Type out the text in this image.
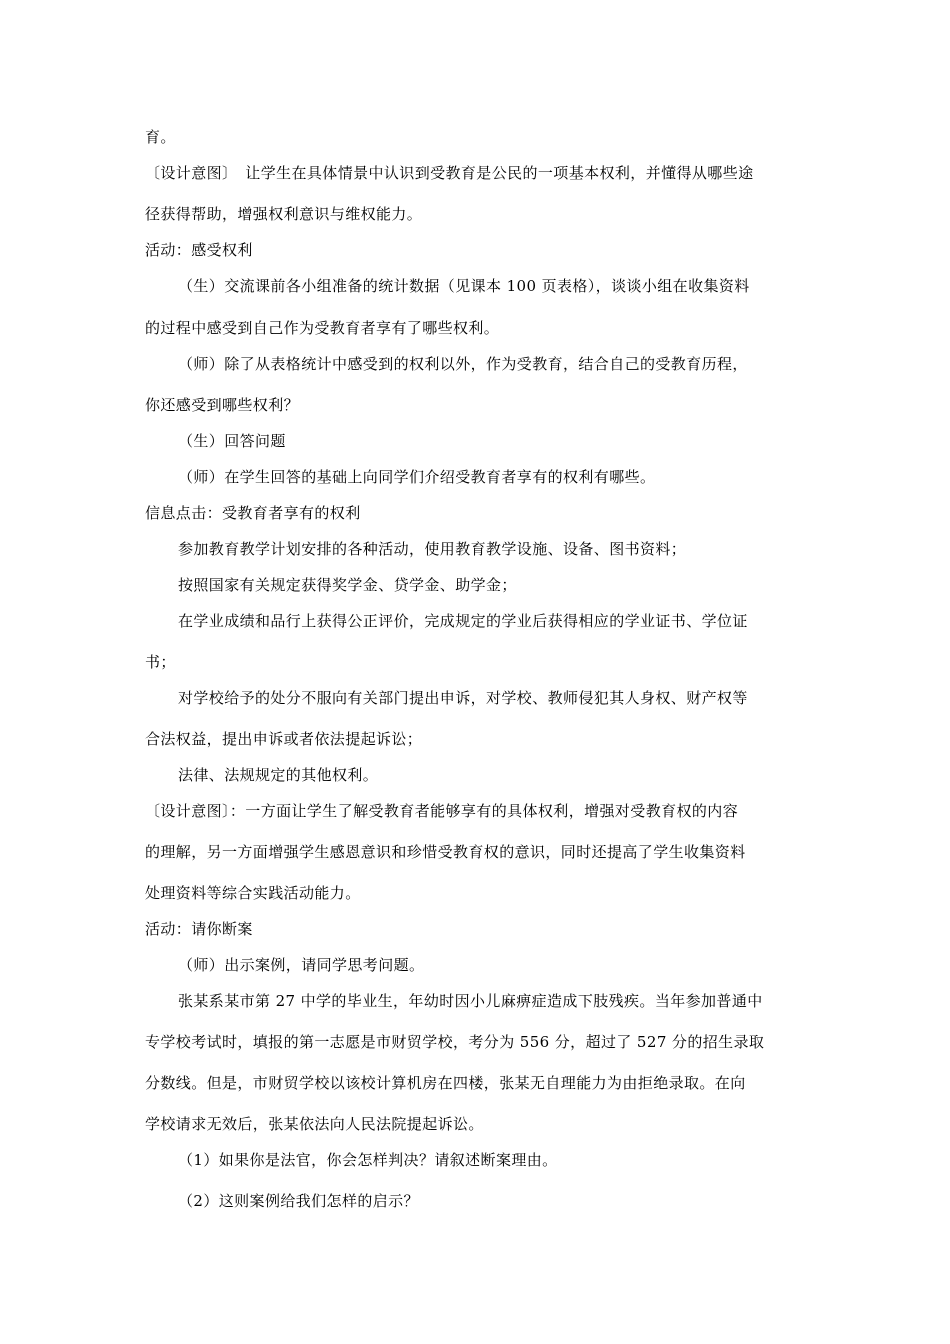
育。
〔设计意图〕　让学生在具体情景中认识到受教育是公民的一项基本权利，并懂得从哪些途
径获得帮助，增强权利意识与维权能力。
活动：感受权利
（生）交流课前各小组准备的统计数据（见课本 100 页表格），谈谈小组在收集资料
的过程中感受到自己作为受教育者享有了哪些权利。
（师）除了从表格统计中感受到的权利以外，作为受教育，结合自己的受教育历程，
你还感受到哪些权利？
（生）回答问题
（师）在学生回答的基础上向同学们介绍受教育者享有的权利有哪些。
信息点击：受教育者享有的权利
参加教育教学计划安排的各种活动，使用教育教学设施、设备、图书资料；
按照国家有关规定获得奖学金、贷学金、助学金；
在学业成绩和品行上获得公正评价，完成规定的学业后获得相应的学业证书、学位证
书；
对学校给予的处分不服向有关部门提出申诉，对学校、教师侵犯其人身权、财产权等
合法权益，提出申诉或者依法提起诉讼；
法律、法规规定的其他权利。
〔设计意图〕：一方面让学生了解受教育者能够享有的具体权利，增强对受教育权的内容
的理解，另一方面增强学生感恩意识和珍惜受教育权的意识，同时还提高了学生收集资料
处理资料等综合实践活动能力。
活动：请你断案
（师）出示案例，请同学思考问题。
张某系某市第 27 中学的毕业生，年幼时因小儿麻痹症造成下肢残疾。当年参加普通中
专学校考试时，填报的第一志愿是市财贸学校，考分为 556 分，超过了 527 分的招生录取
分数线。但是，市财贸学校以该校计算机房在四楼，张某无自理能力为由拒绝录取。在向
学校请求无效后，张某依法向人民法院提起诉讼。
（1）如果你是法官，你会怎样判决？请叙述断案理由。
（2）这则案例给我们怎样的启示？
